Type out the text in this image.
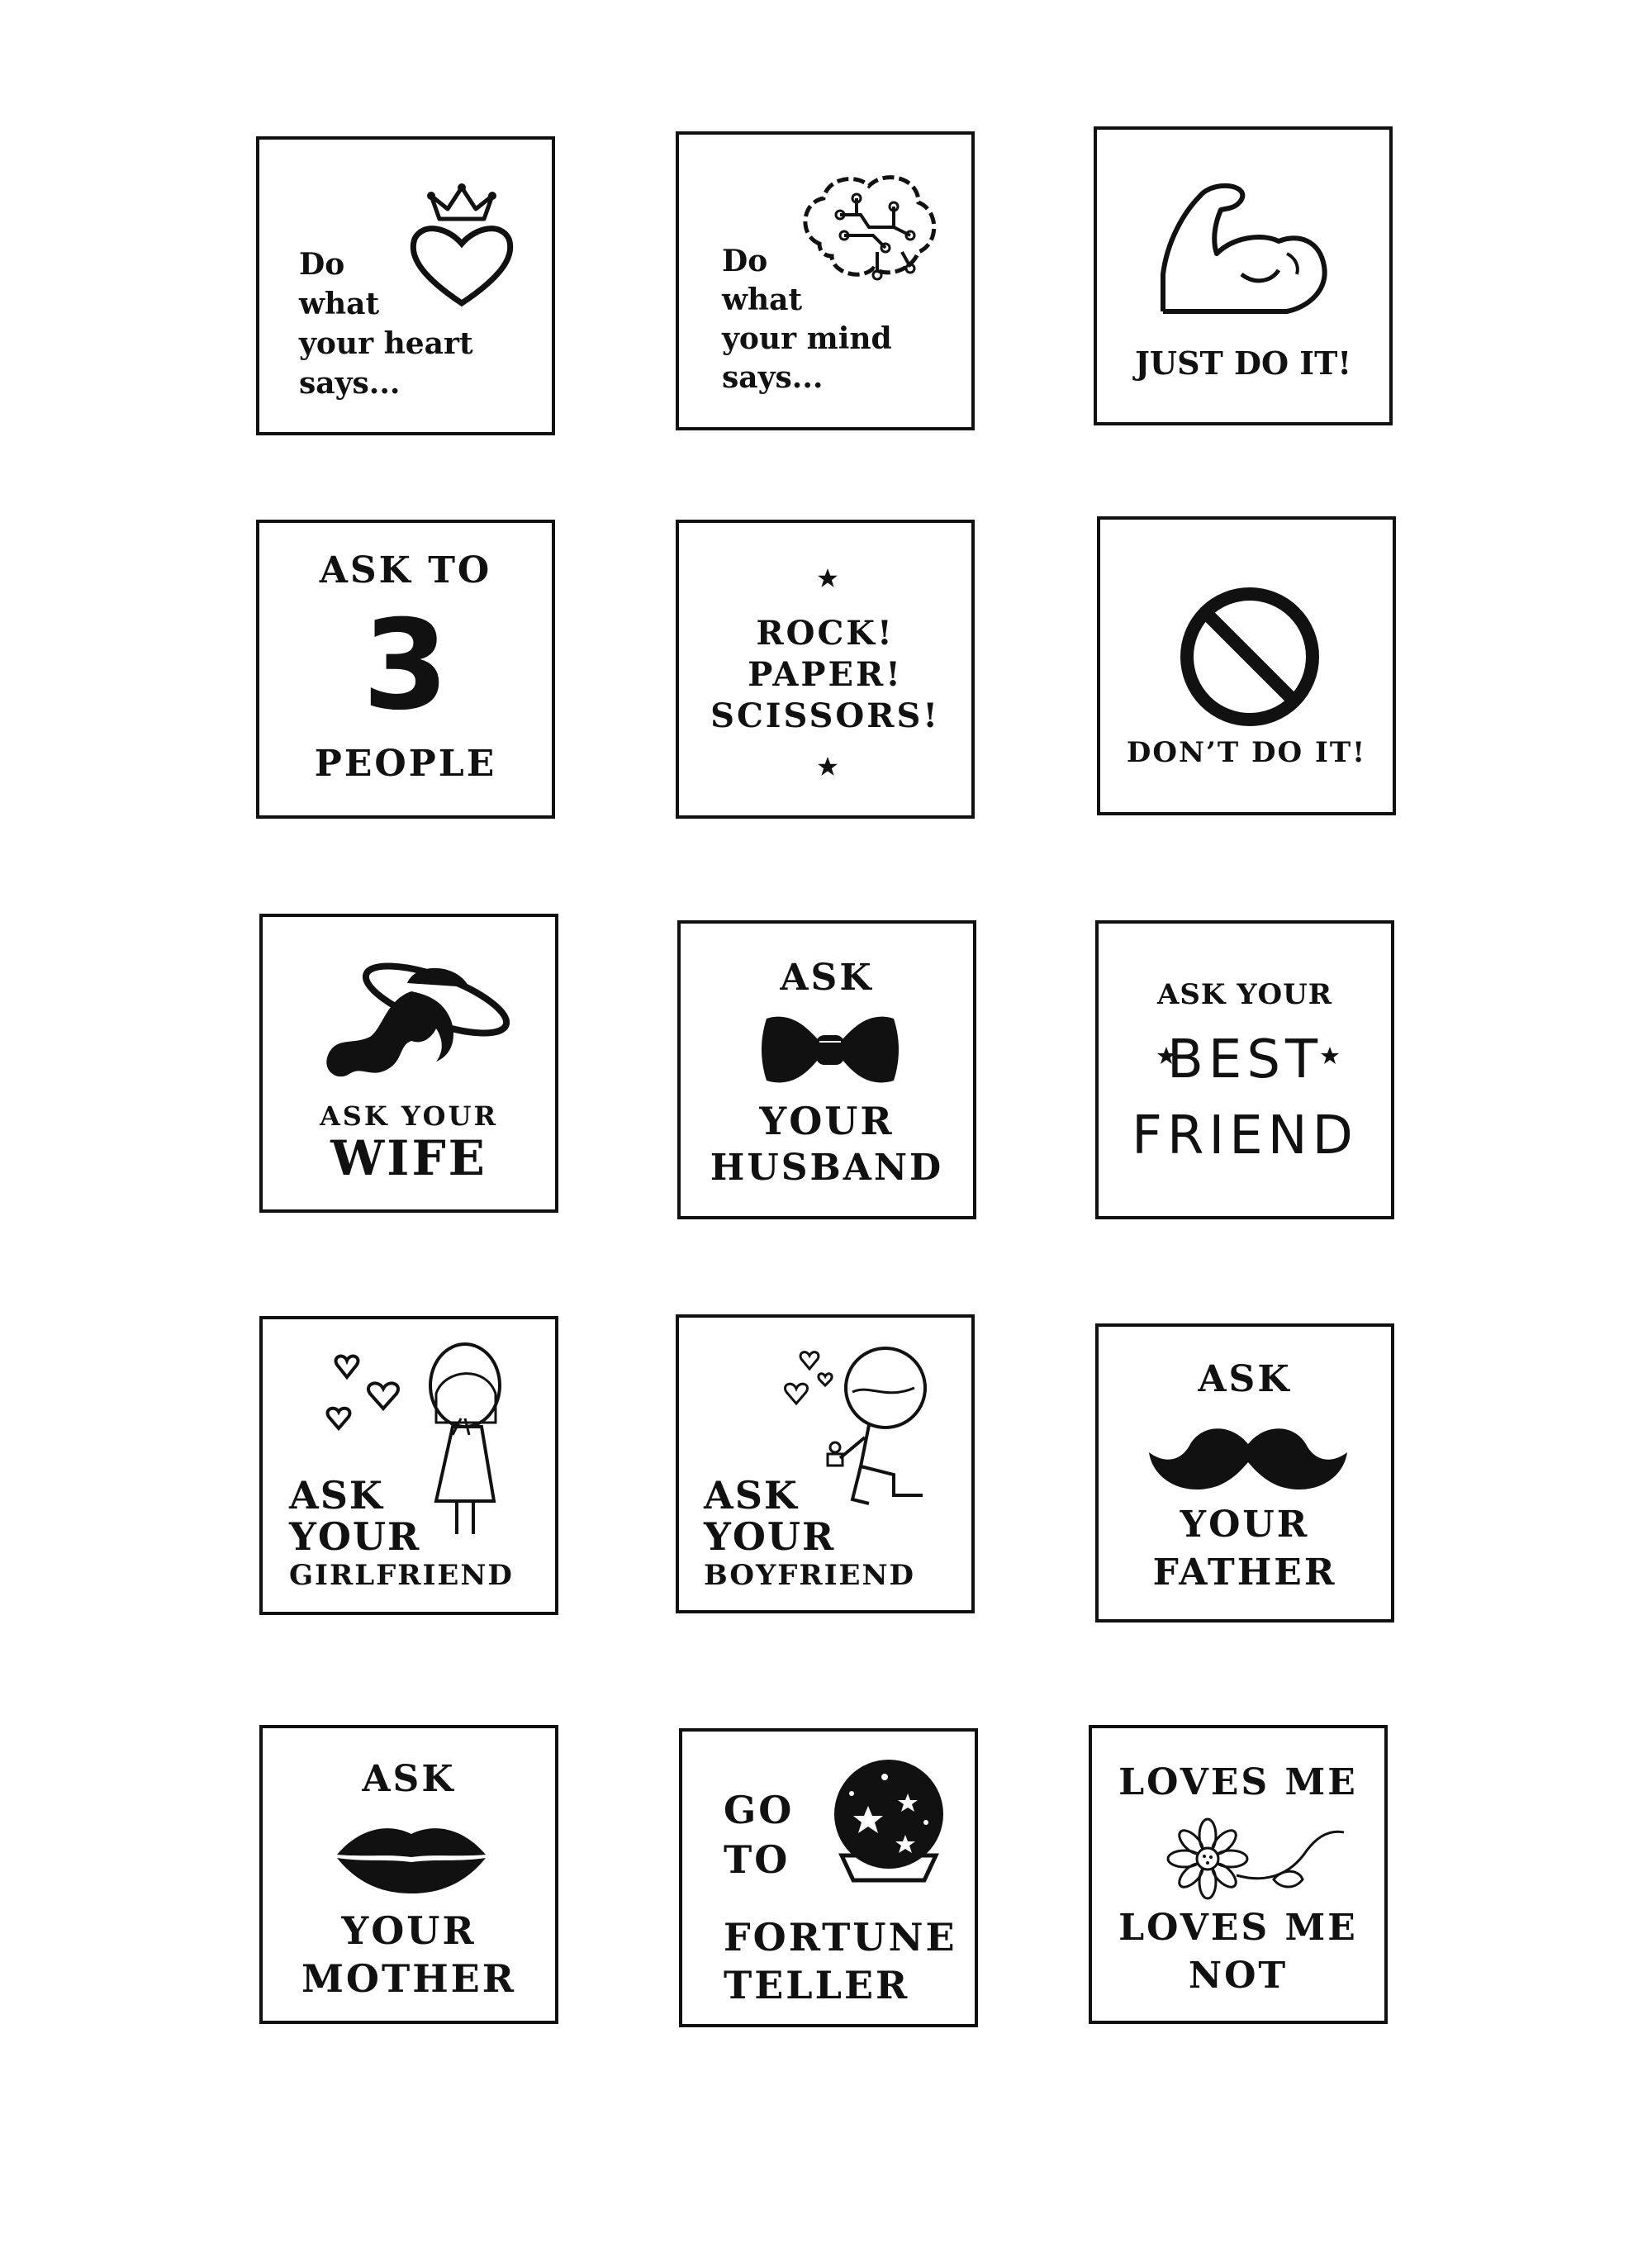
Do
what
your heart
says...
Do
what
your mind
says...	JUST DO IT!
ASK TO
3
PEOPLE
ROCK!
PAPER!
SCISSORS!
DON’T DO IT!
ASK YOUR
WIFE
ASK
YOUR
HUSBAND
ASK YOUR
BEST
FRIEND
ASK
YOUR
GIRLFRIEND
ASK
YOUR
BOYFRIEND
ASK
YOUR
FATHER
ASK
YOUR
MOTHER
GO
TO
FORTUNE
TELLER
LOVES ME
LOVES ME
NOT
